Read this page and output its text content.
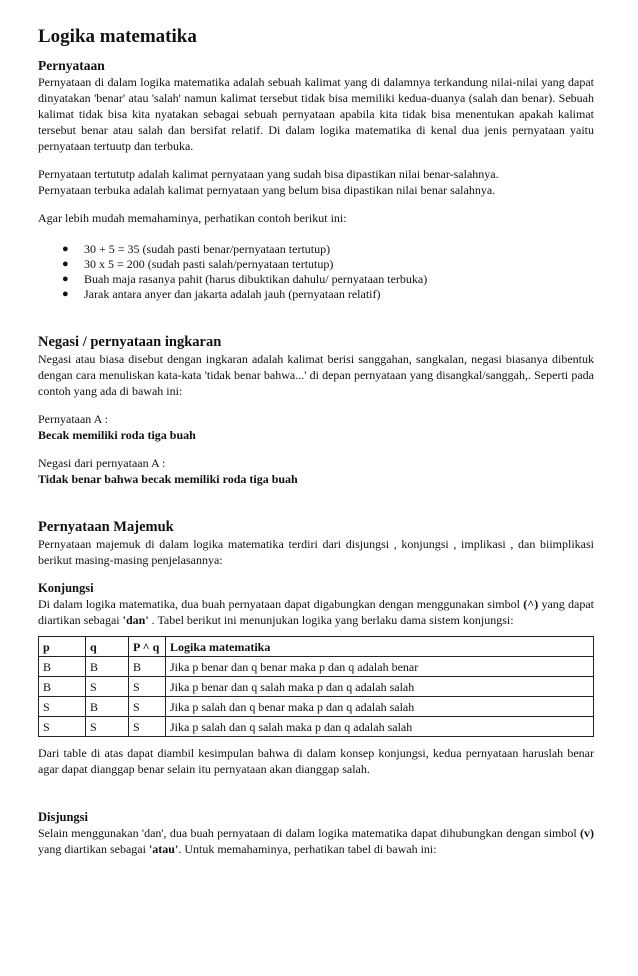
Logika matematika
Pernyataan

Pernyataan di dalam logika matematika adalah sebuah kalimat yang di dalamnya terkandung nilai-nilai yang dapat dinyatakan 'benar' atau 'salah' namun kalimat tersebut tidak bisa memiliki kedua-duanya (salah dan benar). Sebuah kalimat tidak bisa kita nyatakan sebagai sebuah pernyataan apabila kita tidak bisa menentukan apakah kalimat tersebut benar atau salah dan bersifat relatif. Di dalam logika matematika di kenal dua jenis pernyataan yaitu pernyataan tertuutp dan terbuka.

Pernyataan tertututp adalah kalimat pernyataan yang sudah bisa dipastikan nilai benar-salahnya.

Pernyataan terbuka adalah kalimat pernyataan yang belum bisa dipastikan nilai benar salahnya.

Agar lebih mudah memahaminya, perhatikan contoh berikut ini:

● 30 + 5 = 35 (sudah pasti benar/pernyataan tertutup)
● 30 x 5 = 200 (sudah pasti salah/pernyataan tertutup)
● Buah maja rasanya pahit (harus dibuktikan dahulu/ pernyataan terbuka)
● Jarak antara anyer dan jakarta adalah jauh (pernyataan relatif)
Negasi / pernyataan ingkaran

Negasi atau biasa disebut dengan ingkaran adalah kalimat berisi sanggahan, sangkalan, negasi biasanya dibentuk dengan cara menuliskan kata-kata 'tidak benar bahwa...' di depan pernyataan yang disangkal/sanggah,. Seperti pada contoh yang ada di bawah ini:

Pernyataan A :

Becak memiliki roda tiga buah

Negasi dari pernyataan A :

Tidak benar bahwa becak memiliki roda tiga buah

Pernyataan Majemuk

Pernyataan majemuk di dalam logika matematika terdiri dari disjungsi , konjungsi , implikasi , dan biimplikasi berikut masing-masing penjelasannya:

Konjungsi

Di dalam logika matematika, dua buah pernyataan dapat digabungkan dengan menggunakan simbol (^) yang dapat diartikan sebagai 'dan' . Tabel berikut ini menunjukan logika yang berlaku dama sistem konjungsi:

p	q	P ^ q	Logika matematika
B	B	B	Jika p benar dan q benar maka p dan q adalah benar
B	S	S	Jika p benar dan q salah maka p dan q adalah salah
S	B	S	Jika p salah dan q benar maka p dan q adalah salah
S	S	S	Jika p salah dan q salah maka p dan q adalah salah

Dari table di atas dapat diambil kesimpulan bahwa di dalam konsep konjungsi, kedua pernyataan haruslah benar agar dapat dianggap benar selain itu pernyataan akan dianggap salah.

Disjungsi

Selain menggunakan 'dan', dua buah pernyataan di dalam logika matematika dapat dihubungkan dengan simbol (v) yang diartikan sebagai 'atau'. Untuk memahaminya, perhatikan tabel di bawah ini:
